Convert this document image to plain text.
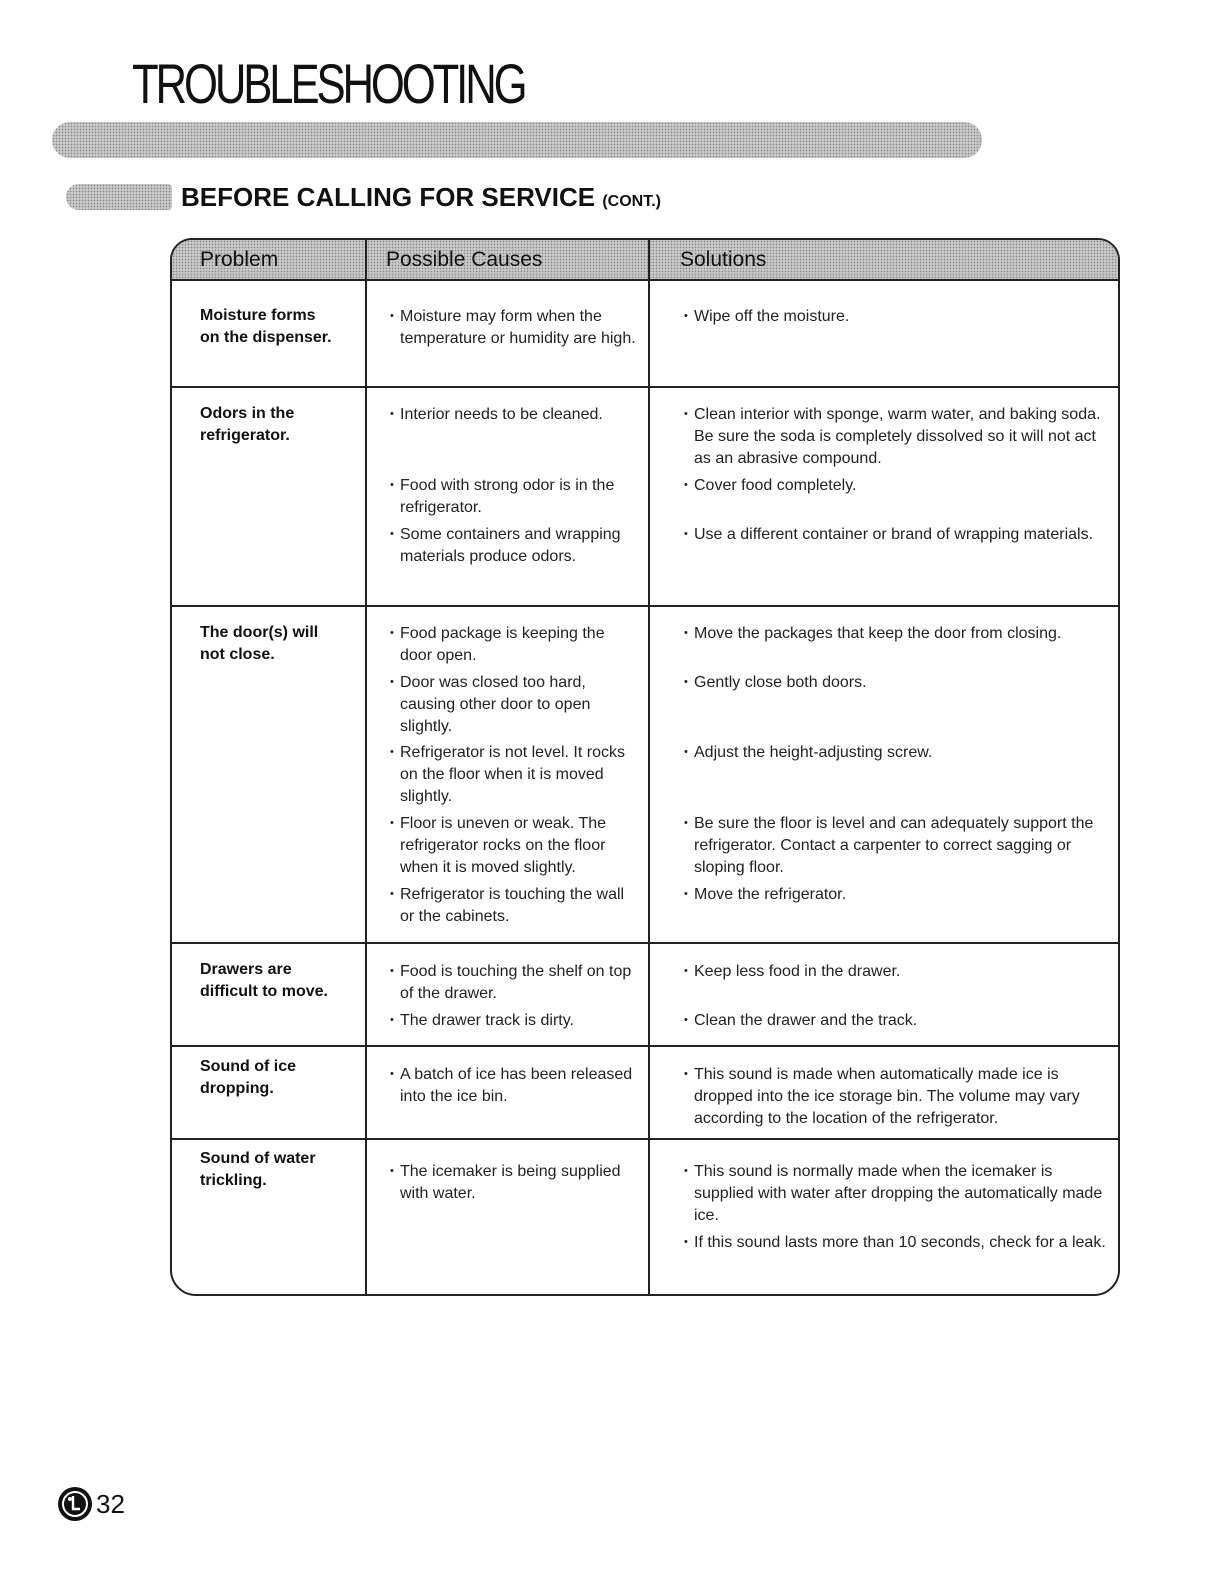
TROUBLESHOOTING
BEFORE CALLING FOR SERVICE (CONT.)
Problem	Possible Causes	Solutions
Moisture forms
on the dispenser.
• Moisture may form when the temperature or humidity are high.
• Wipe off the moisture.
Odors in the
refrigerator.
• Interior needs to be cleaned.
• Food with strong odor is in the refrigerator.
• Some containers and wrapping materials produce odors.
• Clean interior with sponge, warm water, and baking soda. Be sure the soda is completely dissolved so it will not act as an abrasive compound.
• Cover food completely.
• Use a different container or brand of wrapping materials.
The door(s) will
not close.
• Food package is keeping the door open.
• Door was closed too hard, causing other door to open slightly.
• Refrigerator is not level. It rocks on the floor when it is moved slightly.
• Floor is uneven or weak. The refrigerator rocks on the floor when it is moved slightly.
• Refrigerator is touching the wall or the cabinets.
• Move the packages that keep the door from closing.
• Gently close both doors.
• Adjust the height-adjusting screw.
• Be sure the floor is level and can adequately support the refrigerator. Contact a carpenter to correct sagging or sloping floor.
• Move the refrigerator.
Drawers are
difficult to move.
• Food is touching the shelf on top of the drawer.
• The drawer track is dirty.
• Keep less food in the drawer.
• Clean the drawer and the track.
Sound of ice
dropping.
• A batch of ice has been released into the ice bin.
• This sound is made when automatically made ice is dropped into the ice storage bin. The volume may vary according to the location of the refrigerator.
Sound of water
trickling.
• The icemaker is being supplied with water.
• This sound is normally made when the icemaker is supplied with water after dropping the automatically made ice.
• If this sound lasts more than 10 seconds, check for a leak.
32
